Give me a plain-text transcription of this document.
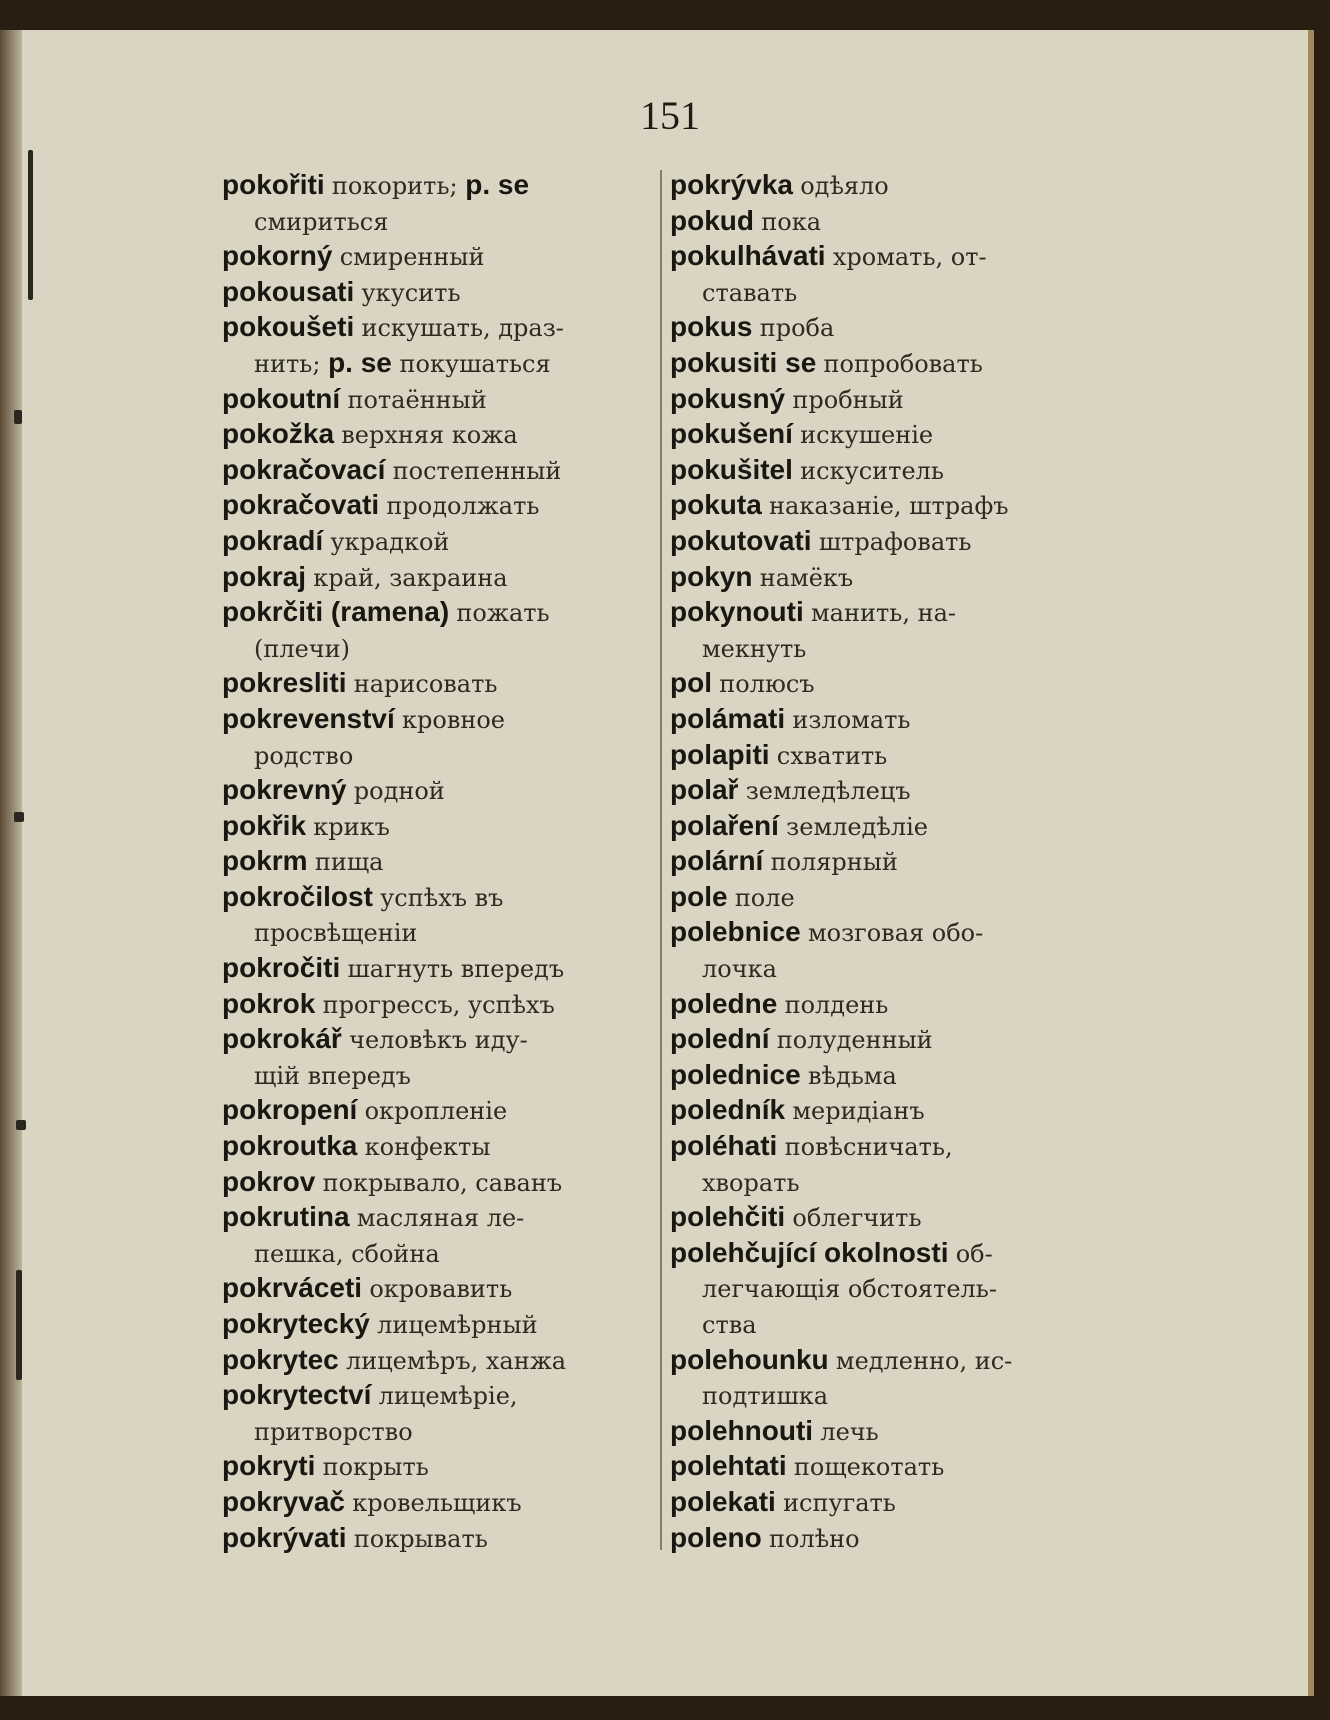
151
pokořiti покорить; p. se
смириться
pokorný смиренный
pokousati укусить
pokoušeti искушать, драз-
нить; p. se покушаться
pokoutní потаённый
pokožka верхняя кожа
pokračovací постепенный
pokračovati продолжать
pokradí украдкой
pokraj край, закраина
pokrčiti (ramena) пожать
(плечи)
pokresliti нарисовать
pokrevenství кровное
родство
pokrevný родной
pokřik крикъ
pokrm пища
pokročilost успѣхъ въ
просвѣщеніи
pokročiti шагнуть впередъ
pokrok прогрессъ, успѣхъ
pokrokář человѣкъ иду-
щій впередъ
pokropení окропленіе
pokroutka конфекты
pokrov покрывало, саванъ
pokrutina масляная ле-
пешка, сбойна
pokrváceti окровавить
pokrytecký лицемѣрный
pokrytec лицемѣръ, ханжа
pokrytectví лицемѣріе,
притворство
pokryti покрыть
pokryvač кровельщикъ
pokrývati покрывать
pokrývka одѣяло
pokud пока
pokulhávati хромать, от-
ставать
pokus проба
pokusiti se попробовать
pokusný пробный
pokušení искушеніе
pokušitel искуситель
pokuta наказаніе, штрафъ
pokutovati штрафовать
pokyn намёкъ
pokynouti манить, на-
мекнуть
pol полюсъ
polámati изломать
polapiti схватить
polař земледѣлецъ
polaření земледѣліе
polární полярный
pole поле
polebnice мозговая обо-
лочка
poledne полдень
polední полуденный
polednice вѣдьма
poledník меридіанъ
poléhati повѣсничать,
хворать
polehčiti облегчить
polehčující okolnosti об-
легчающія обстоятель-
ства
polehounku медленно, ис-
подтишка
polehnouti лечь
polehtati пощекотать
polekati испугать
poleno полѣно
